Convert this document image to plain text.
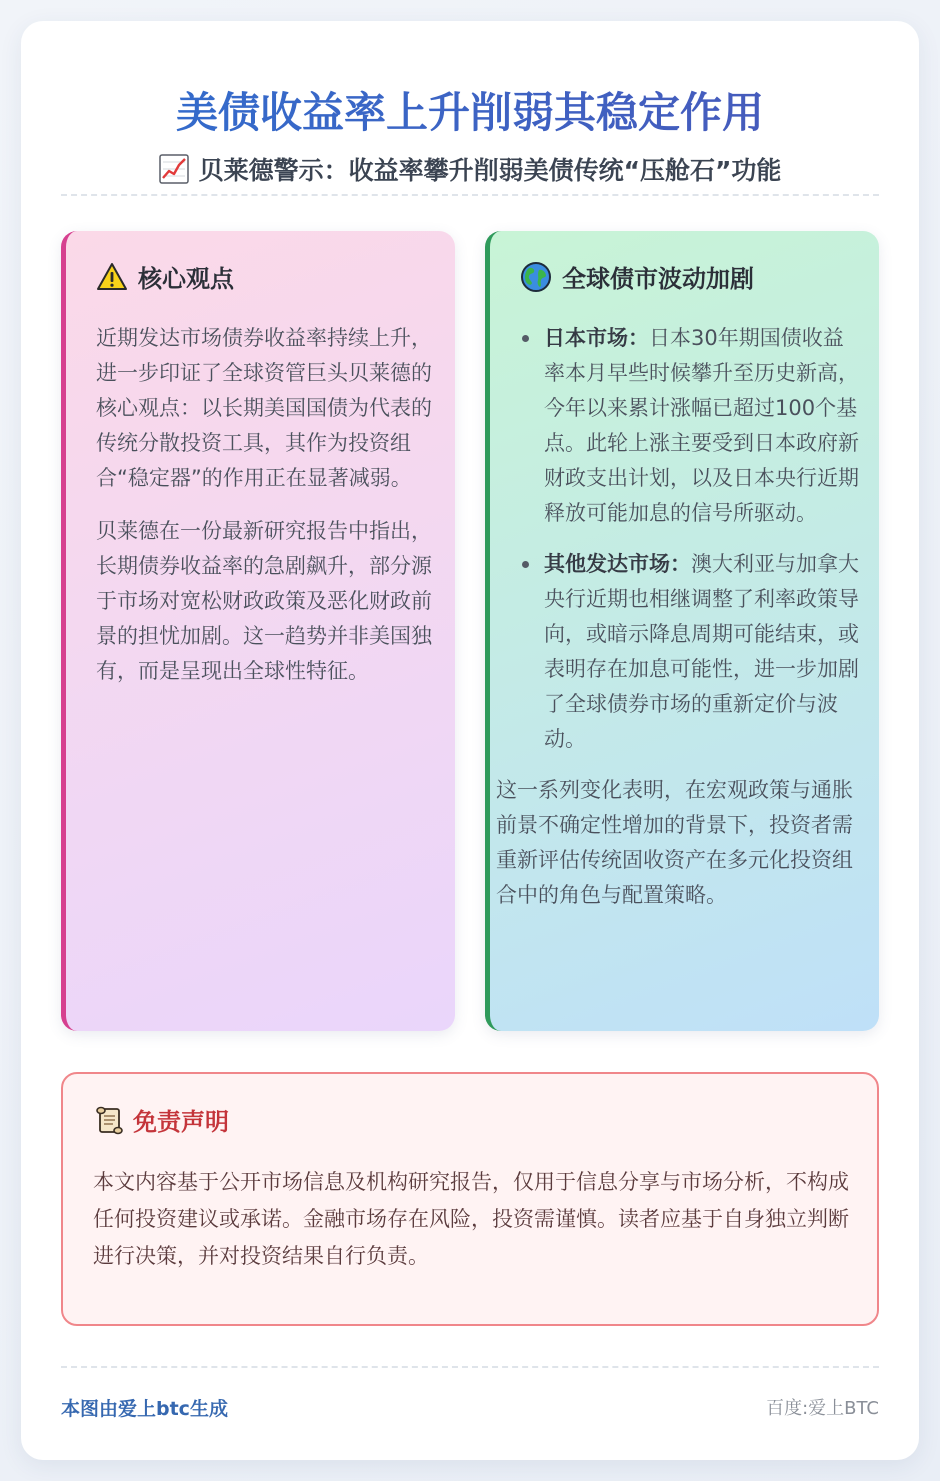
美债收益率上升削弱其稳定作用
贝莱德警示：收益率攀升削弱美债传统“压舱石”功能
核心观点

近期发达市场债券收益率持续上升，进一步印证了全球资管巨头贝莱德的核心观点：以长期美国国债为代表的传统分散投资工具，其作为投资组合“稳定器”的作用正在显著减弱。

贝莱德在一份最新研究报告中指出，长期债券收益率的急剧飙升，部分源于市场对宽松财政政策及恶化财政前景的担忧加剧。这一趋势并非美国独有，而是呈现出全球性特征。

全球债市波动加剧
日本市场：日本30年期国债收益率本月早些时候攀升至历史新高，今年以来累计涨幅已超过100个基点。此轮上涨主要受到日本政府新财政支出计划，以及日本央行近期释放可能加息的信号所驱动。
其他发达市场：澳大利亚与加拿大央行近期也相继调整了利率政策导向，或暗示降息周期可能结束，或表明存在加息可能性，进一步加剧了全球债券市场的重新定价与波动。

这一系列变化表明，在宏观政策与通胀前景不确定性增加的背景下，投资者需重新评估传统固收资产在多元化投资组合中的角色与配置策略。

免责声明
本文内容基于公开市场信息及机构研究报告，仅用于信息分享与市场分析，不构成任何投资建议或承诺。金融市场存在风险，投资需谨慎。读者应基于自身独立判断进行决策，并对投资结果自行负责。
本图由爱上btc生成	百度:爱上BTC
